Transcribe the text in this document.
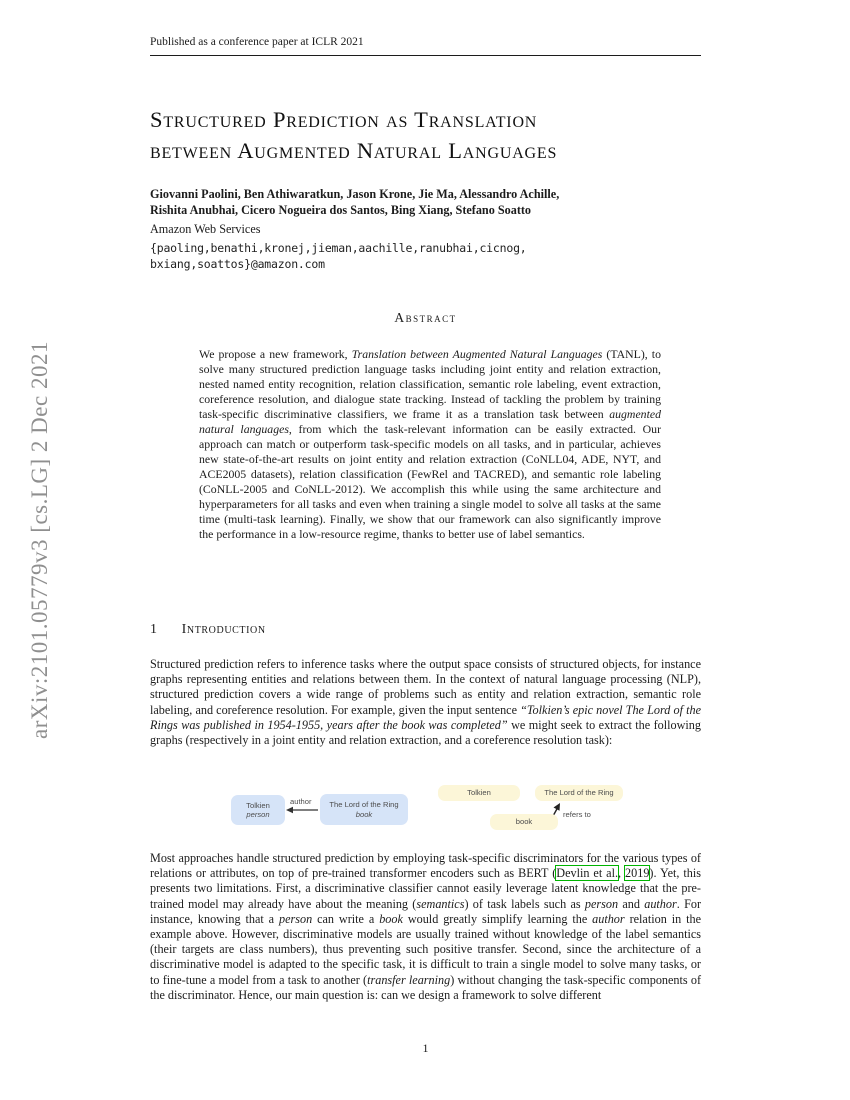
arXiv:2101.05779v3 [cs.LG] 2 Dec 2021
Published as a conference paper at ICLR 2021
Structured Prediction as Translation
between Augmented Natural Languages
Giovanni Paolini, Ben Athiwaratkun, Jason Krone, Jie Ma, Alessandro Achille,
Rishita Anubhai, Cicero Nogueira dos Santos, Bing Xiang, Stefano Soatto
Amazon Web Services
{paoling,benathi,kronej,jieman,aachille,ranubhai,cicnog,
bxiang,soattos}@amazon.com
Abstract
We propose a new framework, Translation between Augmented Natural Languages (TANL), to solve many structured prediction language tasks including joint entity and relation extraction, nested named entity recognition, relation classification, semantic role labeling, event extraction, coreference resolution, and dialogue state tracking. Instead of tackling the problem by training task-specific discriminative classifiers, we frame it as a translation task between augmented natural languages, from which the task-relevant information can be easily extracted. Our approach can match or outperform task-specific models on all tasks, and in particular, achieves new state-of-the-art results on joint entity and relation extraction (CoNLL04, ADE, NYT, and ACE2005 datasets), relation classification (FewRel and TACRED), and semantic role labeling (CoNLL-2005 and CoNLL-2012). We accomplish this while using the same architecture and hyperparameters for all tasks and even when training a single model to solve all tasks at the same time (multi-task learning). Finally, we show that our framework can also significantly improve the performance in a low-resource regime, thanks to better use of label semantics.
1 Introduction
Structured prediction refers to inference tasks where the output space consists of structured objects, for instance graphs representing entities and relations between them. In the context of natural language processing (NLP), structured prediction covers a wide range of problems such as entity and relation extraction, semantic role labeling, and coreference resolution. For example, given the input sentence “Tolkien’s epic novel The Lord of the Rings was published in 1954-1955, years after the book was completed” we might seek to extract the following graphs (respectively in a joint entity and relation extraction, and a coreference resolution task):
Tolkien
person
author The Lord of the Ring
book
Tolkien	The Lord of the Ring
book
refers to
Most approaches handle structured prediction by employing task-specific discriminators for the various types of relations or attributes, on top of pre-trained transformer encoders such as BERT (Devlin et al., 2019). Yet, this presents two limitations. First, a discriminative classifier cannot easily leverage latent knowledge that the pre-trained model may already have about the meaning (semantics) of task labels such as person and author. For instance, knowing that a person can write a book would greatly simplify learning the author relation in the example above. However, discriminative models are usually trained without knowledge of the label semantics (their targets are class numbers), thus preventing such positive transfer. Second, since the architecture of a discriminative model is adapted to the specific task, it is difficult to train a single model to solve many tasks, or to fine-tune a model from a task to another (transfer learning) without changing the task-specific components of the discriminator. Hence, our main question is: can we design a framework to solve different
1
